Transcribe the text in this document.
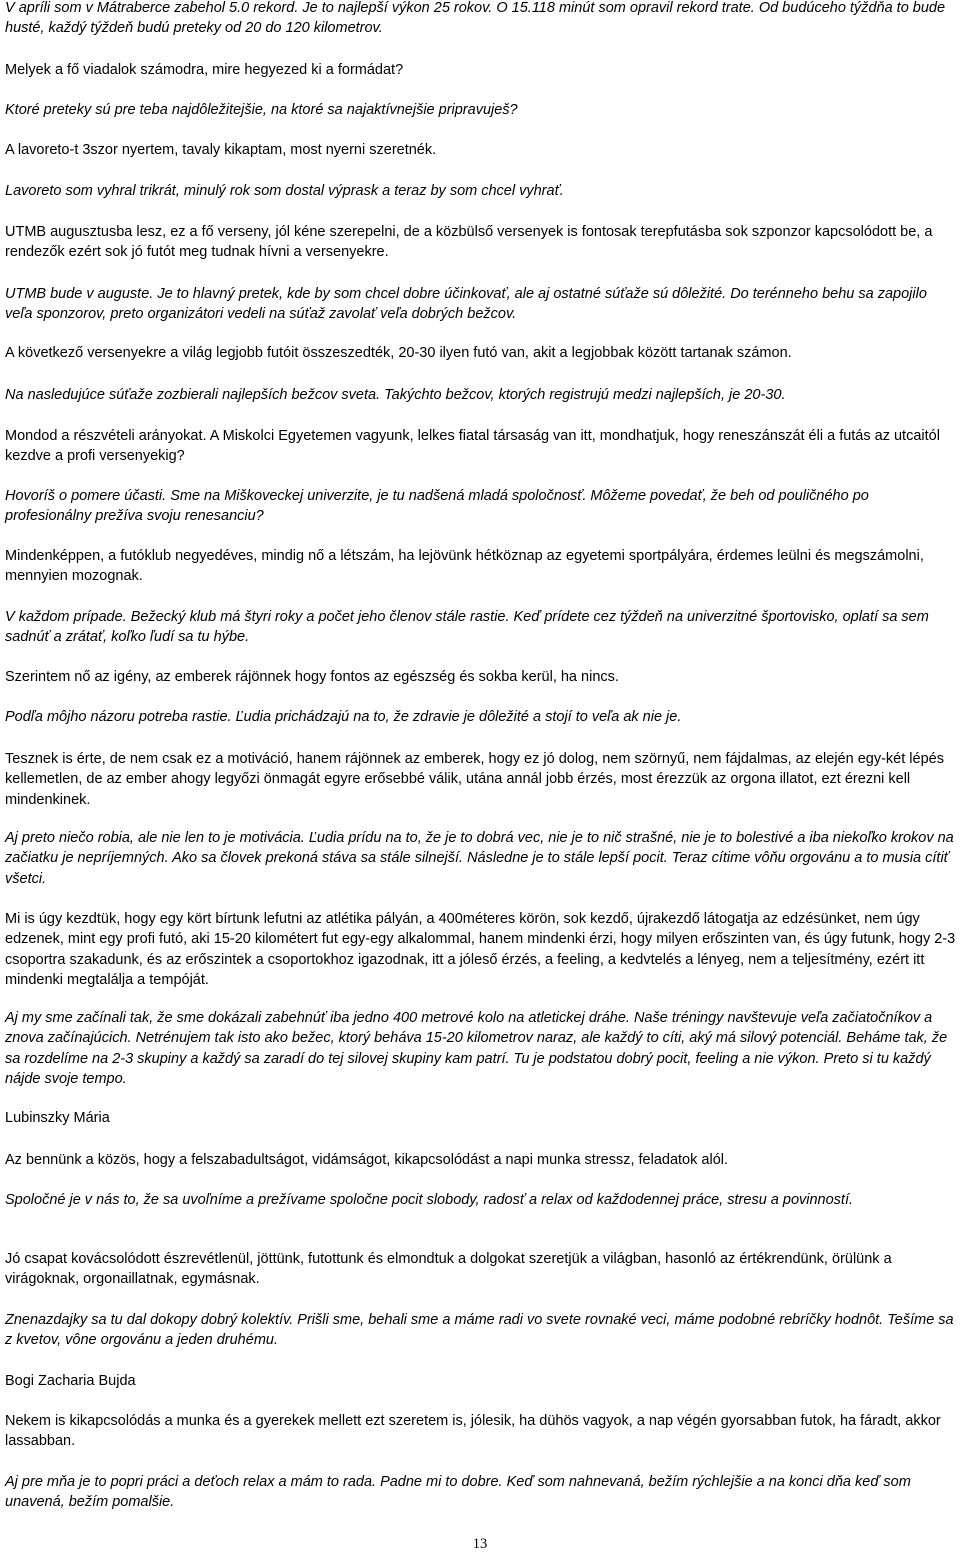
V apríli som v Mátraberce zabehol 5.0 rekord. Je to najlepší výkon 25 rokov. O 15.118 minút som opravil rekord trate. Od budúceho týždňa to bude husté, každý týždeň budú preteky od 20 do 120 kilometrov.

Melyek a fő viadalok számodra, mire hegyezed ki a formádat?

Ktoré preteky sú pre teba najdôležitejšie, na ktoré sa najaktívnejšie pripravuješ?

A lavoreto-t 3szor nyertem, tavaly kikaptam, most nyerni szeretnék.

Lavoreto som vyhral trikrát, minulý rok som dostal výprask a teraz by som chcel vyhrať.

UTMB augusztusba lesz, ez a fő verseny, jól kéne szerepelni, de a közbülső versenyek is fontosak terepfutásba sok szponzor kapcsolódott be, a rendezők ezért sok jó futót meg tudnak hívni a versenyekre.

UTMB bude v auguste. Je to hlavný pretek, kde by som chcel dobre účinkovať, ale aj ostatné súťaže sú dôležité. Do terénneho behu sa zapojilo veľa sponzorov, preto organizátori vedeli na súťaž zavolať veľa dobrých bežcov.

A következő versenyekre a világ legjobb futóit összeszedték, 20-30 ilyen futó van, akit a legjobbak között tartanak számon.

Na nasledujúce súťaže zozbierali najlepších bežcov sveta. Takýchto bežcov, ktorých registrujú medzi najlepších, je 20-30.

Mondod a részvételi arányokat. A Miskolci Egyetemen vagyunk, lelkes fiatal társaság van itt, mondhatjuk, hogy reneszánszát éli a futás az utcaitól kezdve a profi versenyekig?

Hovoríš o pomere účasti. Sme na Miškoveckej univerzite, je tu nadšená mladá spoločnosť. Môžeme povedať, že beh od pouličného po profesionálny prežíva svoju renesanciu?

Mindenképpen, a futóklub negyedéves, mindig nő a létszám, ha lejövünk hétköznap az egyetemi sportpályára, érdemes leülni és megszámolni, mennyien mozognak.

V každom prípade. Bežecký klub má štyri roky a počet jeho členov stále rastie. Keď prídete cez týždeň na univerzitné športovisko, oplatí sa sem sadnúť a zrátať, koľko ľudí sa tu hýbe.

Szerintem nő az igény, az emberek rájönnek hogy fontos az egészség és sokba kerül, ha nincs.

Podľa môjho názoru potreba rastie. Ľudia prichádzajú na to, že zdravie je dôležité a stojí to veľa ak nie je.

Tesznek is érte, de nem csak ez a motiváció, hanem rájönnek az emberek, hogy ez jó dolog, nem szörnyű, nem fájdalmas, az elején egy-két lépés kellemetlen, de az ember ahogy legyőzi önmagát egyre erősebbé válik, utána annál jobb érzés, most érezzük az orgona illatot, ezt érezni kell mindenkinek.

Aj preto niečo robia, ale nie len to je motivácia. Ľudia prídu na to, že je to dobrá vec, nie je to nič strašné, nie je to bolestivé a iba niekoľko krokov na začiatku je nepríjemných. Ako sa človek prekoná stáva sa stále silnejší. Následne je to stále lepší pocit. Teraz cítime vôňu orgovánu a to musia cítiť všetci.

Mi is úgy kezdtük, hogy egy kört bírtunk lefutni az atlétika pályán, a 400méteres körön, sok kezdő, újrakezdő látogatja az edzésünket, nem úgy edzenek, mint egy profi futó, aki 15-20 kilométert fut egy-egy alkalommal, hanem mindenki érzi, hogy milyen erőszinten van, és úgy futunk, hogy 2-3 csoportra szakadunk, és az erőszintek a csoportokhoz igazodnak, itt a jóleső érzés, a feeling, a kedvtelés a lényeg, nem a teljesítmény, ezért itt mindenki megtalálja a tempóját.

Aj my sme začínali tak, že sme dokázali zabehnúť iba jedno 400 metrové kolo na atletickej dráhe. Naše tréningy navštevuje veľa začiatočníkov a znova začínajúcich. Netrénujem tak isto ako bežec, ktorý beháva 15-20 kilometrov naraz, ale každý to cíti, aký má silový potenciál. Beháme tak, že sa rozdelíme na 2-3 skupiny a každý sa zaradí do tej silovej skupiny kam patrí. Tu je podstatou dobrý pocit, feeling a nie výkon. Preto si tu každý nájde svoje tempo.

Lubinszky Mária

Az bennünk a közös, hogy a felszabadultságot, vidámságot, kikapcsolódást a napi munka stressz, feladatok alól.

Spoločné je v nás to, že sa uvoľníme a prežívame spoločne pocit slobody, radosť a relax od každodennej práce, stresu a povinností.

Jó csapat kovácsolódott észrevétlenül, jöttünk, futottunk és elmondtuk a dolgokat szeretjük a világban, hasonló az értékrendünk, örülünk a virágoknak, orgonaillatnak, egymásnak.

Znenazdajky sa tu dal dokopy dobrý kolektív. Prišli sme, behali sme a máme radi vo svete rovnaké veci, máme podobné rebríčky hodnôt. Tešíme sa z kvetov, vône orgovánu a jeden druhému.

Bogi Zacharia Bujda

Nekem is kikapcsolódás a munka és a gyerekek mellett ezt szeretem is, jólesik, ha dühös vagyok, a nap végén gyorsabban futok, ha fáradt, akkor lassabban.

Aj pre mňa je to popri práci a deťoch relax a mám to rada. Padne mi to dobre. Keď som nahnevaná, bežím rýchlejšie a na konci dňa keď som unavená, bežím pomalšie.

13
